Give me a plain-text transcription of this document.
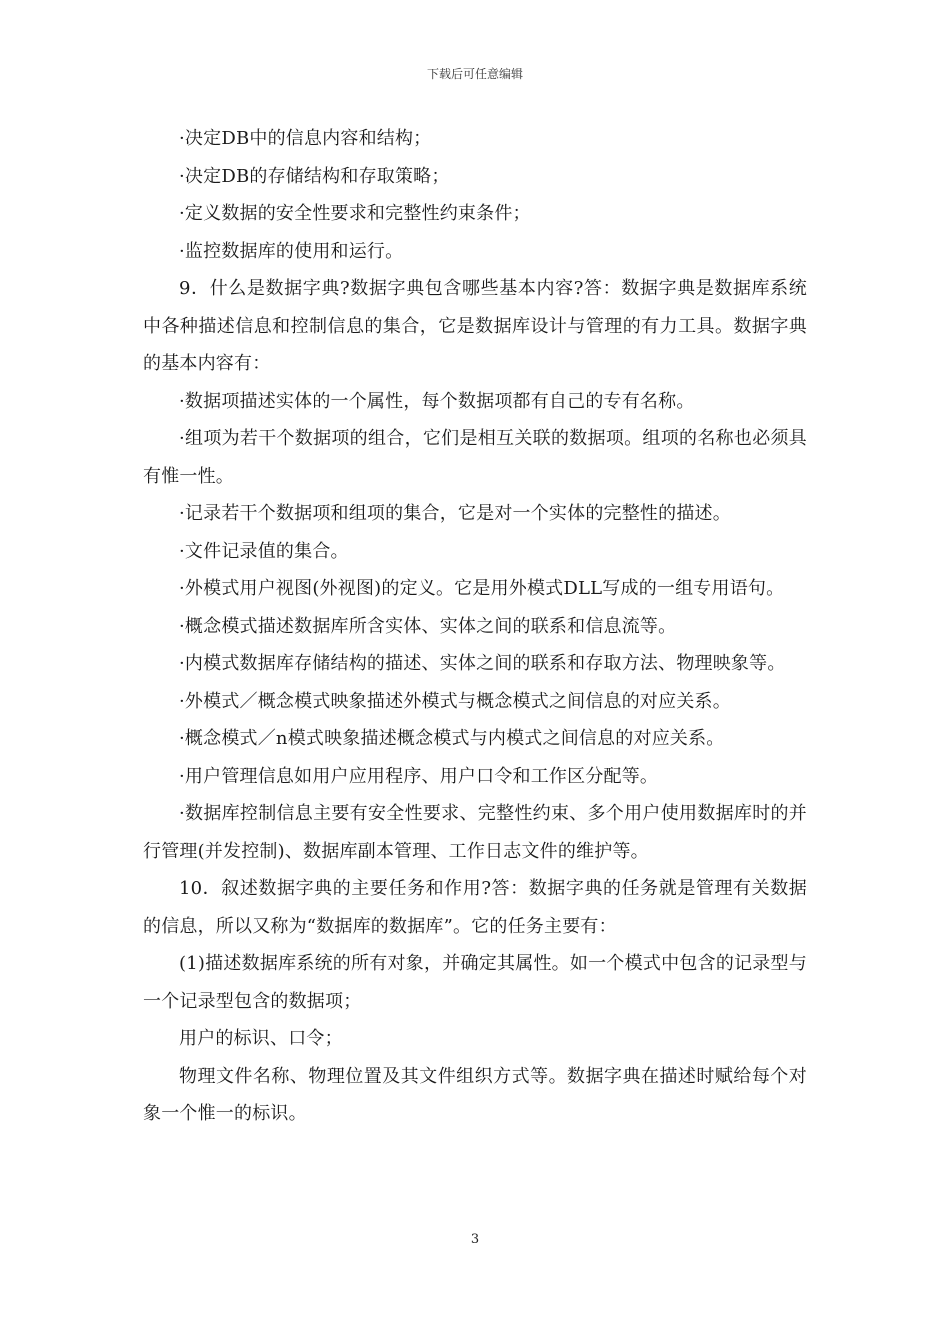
下载后可任意编辑

·决定DB中的信息内容和结构；

·决定DB的存储结构和存取策略；

·定义数据的安全性要求和完整性约束条件；

·监控数据库的使用和运行。

9．什么是数据字典?数据字典包含哪些基本内容?答：数据字典是数据库系统中各种描述信息和控制信息的集合，它是数据库设计与管理的有力工具。数据字典的基本内容有：

·数据项描述实体的一个属性，每个数据项都有自己的专有名称。

·组项为若干个数据项的组合，它们是相互关联的数据项。组项的名称也必须具有惟一性。

·记录若干个数据项和组项的集合，它是对一个实体的完整性的描述。

·文件记录值的集合。

·外模式用户视图(外视图)的定义。它是用外模式DLL写成的一组专用语句。

·概念模式描述数据库所含实体、实体之间的联系和信息流等。

·内模式数据库存储结构的描述、实体之间的联系和存取方法、物理映象等。

·外模式／概念模式映象描述外模式与概念模式之间信息的对应关系。

·概念模式／n模式映象描述概念模式与内模式之间信息的对应关系。

·用户管理信息如用户应用程序、用户口令和工作区分配等。

·数据库控制信息主要有安全性要求、完整性约束、多个用户使用数据库时的并行管理(并发控制)、数据库副本管理、工作日志文件的维护等。

10．叙述数据字典的主要任务和作用?答：数据字典的任务就是管理有关数据的信息，所以又称为“数据库的数据库”。它的任务主要有：

(1)描述数据库系统的所有对象，并确定其属性。如一个模式中包含的记录型与一个记录型包含的数据项；

用户的标识、口令；

物理文件名称、物理位置及其文件组织方式等。数据字典在描述时赋给每个对象一个惟一的标识。

3
